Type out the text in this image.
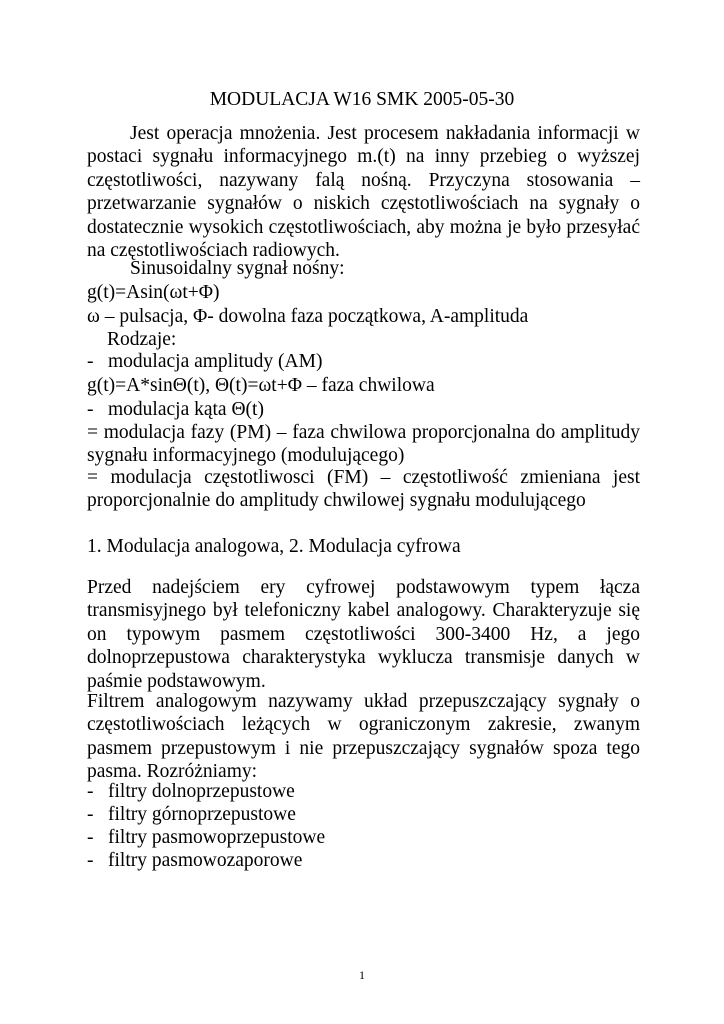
MODULACJA W16 SMK 2005-05-30
Jest operacja mnożenia. Jest procesem nakładania informacji w postaci sygnału informacyjnego m.(t) na inny przebieg o wyższej częstotliwości, nazywany falą nośną. Przyczyna stosowania – przetwarzanie sygnałów o niskich częstotliwościach na sygnały o dostatecznie wysokich częstotliwościach, aby można je było przesyłać na częstotliwościach radiowych.
Sinusoidalny sygnał nośny:
g(t)=Asin(ωt+Φ)
ω – pulsacja, Φ- dowolna faza początkowa, A-amplituda
Rodzaje:
- modulacja amplitudy (AM)
g(t)=A*sinΘ(t), Θ(t)=ωt+Φ – faza chwilowa
- modulacja kąta Θ(t)
= modulacja fazy (PM) – faza chwilowa proporcjonalna do amplitudy sygnału informacyjnego (modulującego)
= modulacja częstotliwosci (FM) – częstotliwość zmieniana jest proporcjonalnie do amplitudy chwilowej sygnału modulującego
1. Modulacja analogowa, 2. Modulacja cyfrowa
Przed nadejściem ery cyfrowej podstawowym typem łącza transmisyjnego był telefoniczny kabel analogowy. Charakteryzuje się on typowym pasmem częstotliwości 300-3400 Hz, a jego dolnoprzepustowa charakterystyka wyklucza transmisje danych w paśmie podstawowym.
Filtrem analogowym nazywamy układ przepuszczający sygnały o częstotliwościach leżących w ograniczonym zakresie, zwanym pasmem przepustowym i nie przepuszczający sygnałów spoza tego pasma. Rozróżniamy:
- filtry dolnoprzepustowe
- filtry górnoprzepustowe
- filtry pasmowoprzepustowe
- filtry pasmowozaporowe
1
